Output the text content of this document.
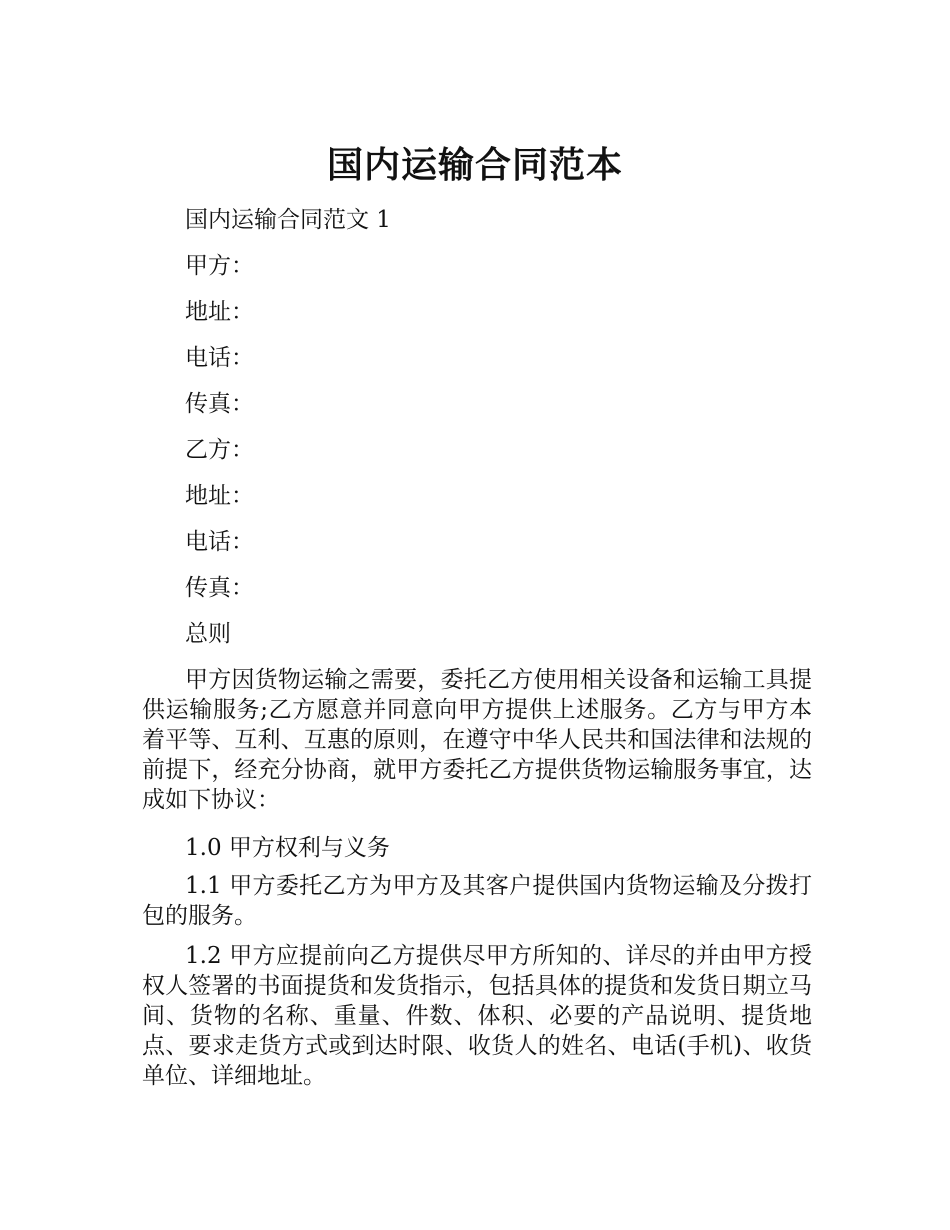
国内运输合同范本

国内运输合同范文 1

甲方：

地址：

电话：

传真：

乙方：

地址：

电话：

传真：

总则

甲方因货物运输之需要，委托乙方使用相关设备和运输工具提供运输服务;乙方愿意并同意向甲方提供上述服务。乙方与甲方本着平等、互利、互惠的原则，在遵守中华人民共和国法律和法规的前提下，经充分协商，就甲方委托乙方提供货物运输服务事宜，达成如下协议：

1.0 甲方权利与义务

1.1 甲方委托乙方为甲方及其客户提供国内货物运输及分拨打包的服务。

1.2 甲方应提前向乙方提供尽甲方所知的、详尽的并由甲方授权人签署的书面提货和发货指示，包括具体的提货和发货日期立马间、货物的名称、重量、件数、体积、必要的产品说明、提货地点、要求走货方式或到达时限、收货人的姓名、电话(手机)、收货单位、详细地址。
